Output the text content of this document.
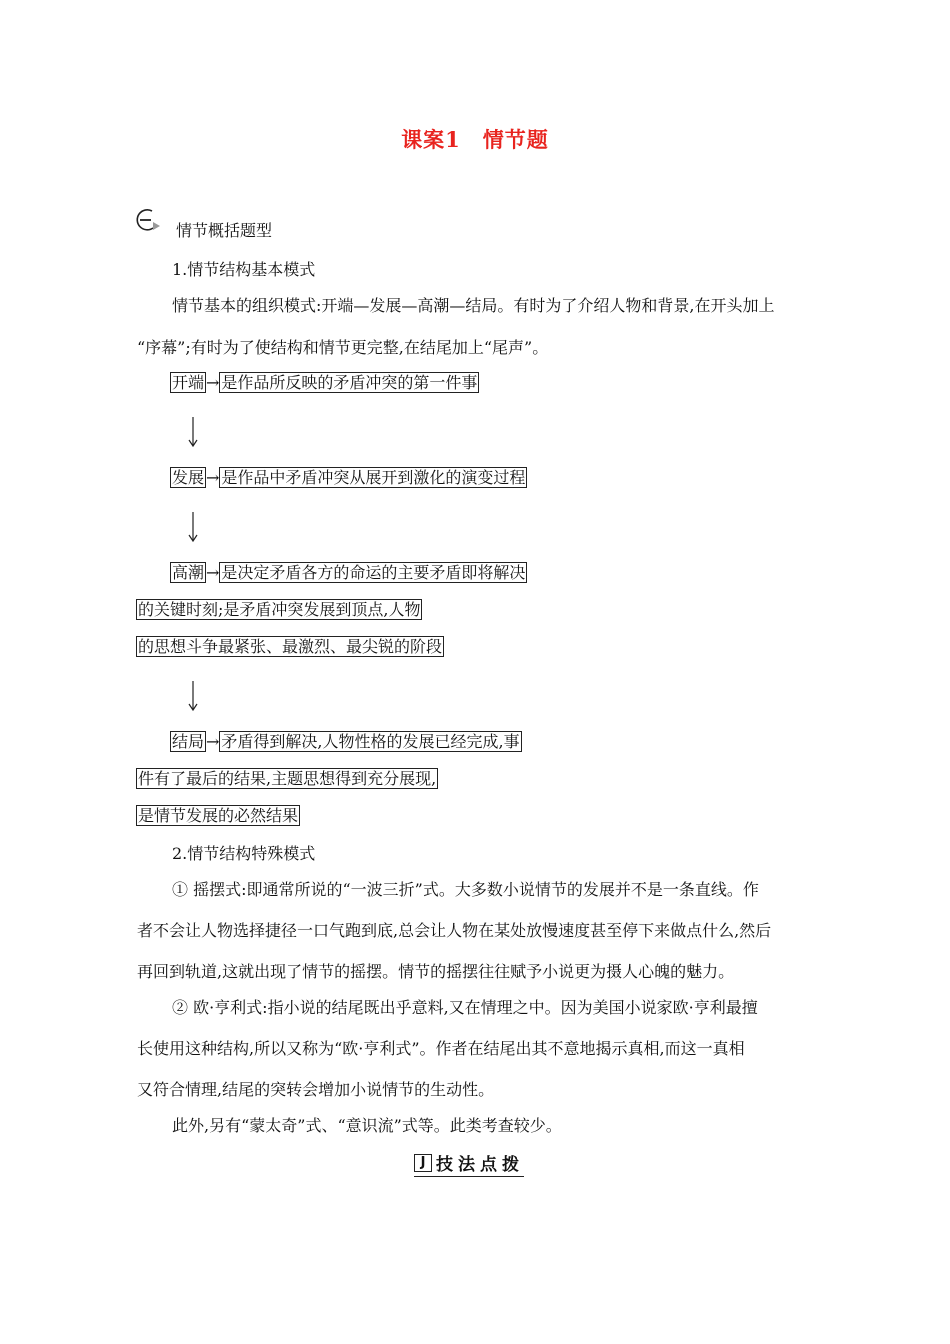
课案1　情节题
情节概括题型
1.情节结构基本模式
情节基本的组织模式:开端—发展—高潮—结局。有时为了介绍人物和背景,在开头加上
“序幕”;有时为了使结构和情节更完整,在结尾加上“尾声”。
开端 → 是作品所反映的矛盾冲突的第一件事
发展 → 是作品中矛盾冲突从展开到激化的演变过程
高潮 → 是决定矛盾各方的命运的主要矛盾即将解决
的关键时刻;是矛盾冲突发展到顶点,人物
的思想斗争最紧张、最激烈、最尖锐的阶段
结局 → 矛盾得到解决,人物性格的发展已经完成,事
件有了最后的结果,主题思想得到充分展现,
是情节发展的必然结果
2.情节结构特殊模式
① 摇摆式:即通常所说的“一波三折”式。大多数小说情节的发展并不是一条直线。作
者不会让人物选择捷径一口气跑到底,总会让人物在某处放慢速度甚至停下来做点什么,然后
再回到轨道,这就出现了情节的摇摆。情节的摇摆往往赋予小说更为摄人心魄的魅力。
② 欧·亨利式:指小说的结尾既出乎意料,又在情理之中。因为美国小说家欧·亨利最擅
长使用这种结构,所以又称为“欧·亨利式”。作者在结尾出其不意地揭示真相,而这一真相
又符合情理,结尾的突转会增加小说情节的生动性。
此外,另有“蒙太奇”式、“意识流”式等。此类考查较少。
J 技法点拨
